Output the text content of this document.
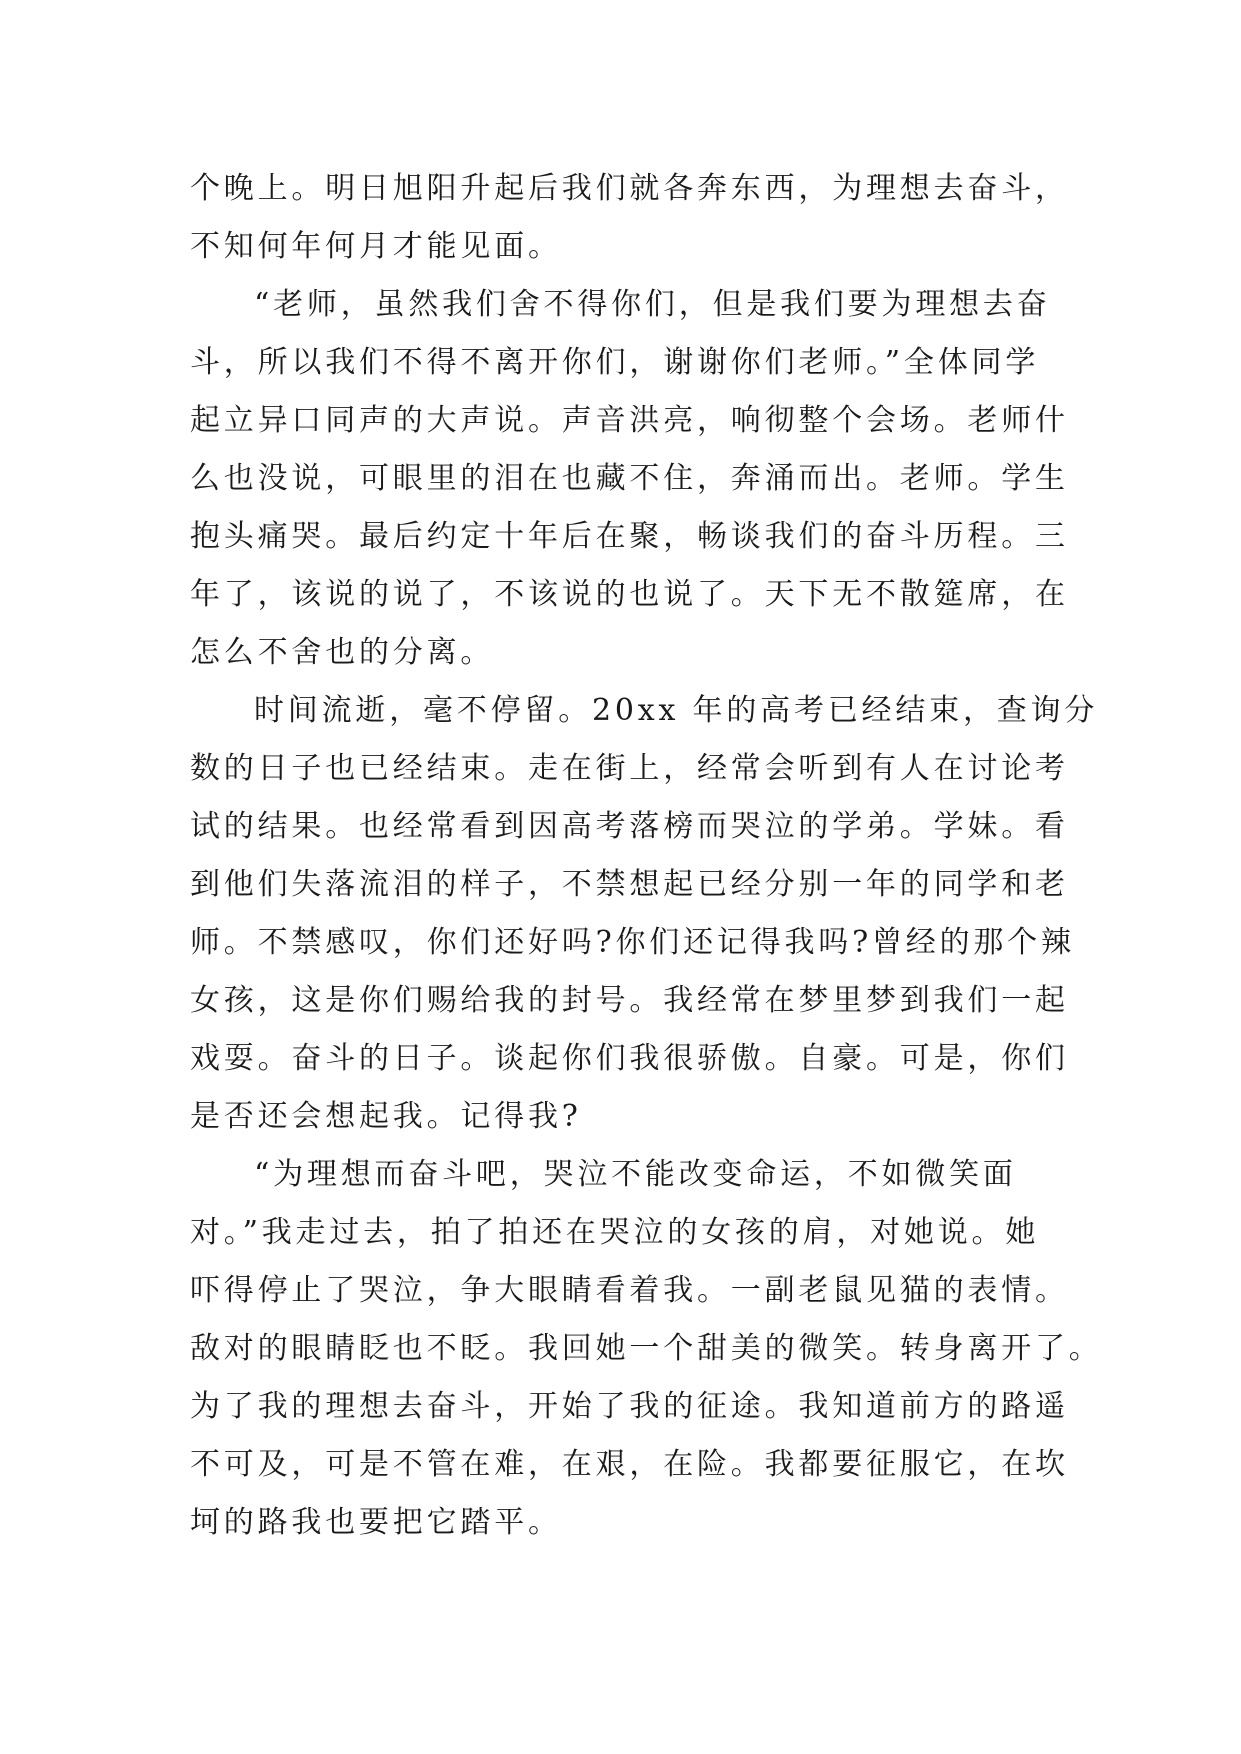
个晚上。明日旭阳升起后我们就各奔东西，为理想去奋斗，
不知何年何月才能见面。
“老师，虽然我们舍不得你们，但是我们要为理想去奋
斗，所以我们不得不离开你们，谢谢你们老师。”全体同学
起立异口同声的大声说。声音洪亮，响彻整个会场。老师什
么也没说，可眼里的泪在也藏不住，奔涌而出。老师。学生
抱头痛哭。最后约定十年后在聚，畅谈我们的奋斗历程。三
年了，该说的说了，不该说的也说了。天下无不散筵席，在
怎么不舍也的分离。
时间流逝，毫不停留。20xx 年的高考已经结束，查询分
数的日子也已经结束。走在街上，经常会听到有人在讨论考
试的结果。也经常看到因高考落榜而哭泣的学弟。学妹。看
到他们失落流泪的样子，不禁想起已经分别一年的同学和老
师。不禁感叹，你们还好吗?你们还记得我吗?曾经的那个辣
女孩，这是你们赐给我的封号。我经常在梦里梦到我们一起
戏耍。奋斗的日子。谈起你们我很骄傲。自豪。可是，你们
是否还会想起我。记得我?
“为理想而奋斗吧，哭泣不能改变命运，不如微笑面
对。”我走过去，拍了拍还在哭泣的女孩的肩，对她说。她
吓得停止了哭泣，争大眼睛看着我。一副老鼠见猫的表情。
敌对的眼睛眨也不眨。我回她一个甜美的微笑。转身离开了。
为了我的理想去奋斗，开始了我的征途。我知道前方的路遥
不可及，可是不管在难，在艰，在险。我都要征服它，在坎
坷的路我也要把它踏平。
